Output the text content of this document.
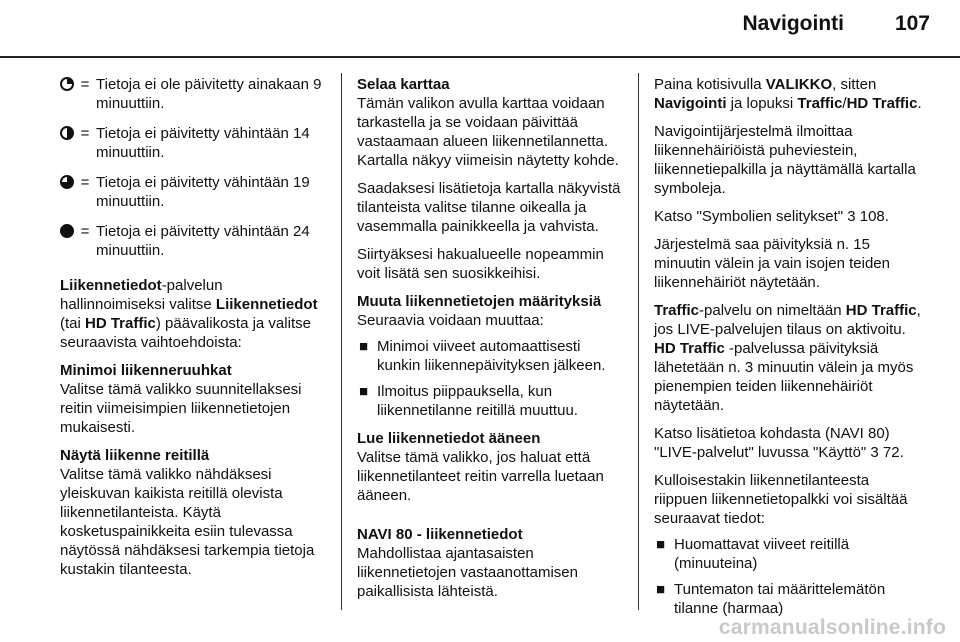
Navigointi 107
= Tietoja ei ole päivitetty ainakaan 9 minuuttiin.
= Tietoja ei päivitetty vähintään 14 minuuttiin.
= Tietoja ei päivitetty vähintään 19 minuuttiin.
= Tietoja ei päivitetty vähintään 24 minuuttiin.

Liikennetiedot-palvelun hallinnoimiseksi valitse Liikennetiedot (tai HD Traffic) päävalikosta ja valitse seuraavista vaihtoehdoista:

Minimoi liikenneruuhkat

Valitse tämä valikko suunnitellaksesi reitin viimeisimpien liikennetietojen mukaisesti.

Näytä liikenne reitillä

Valitse tämä valikko nähdäksesi yleiskuvan kaikista reitillä olevista liikennetilanteista. Käytä kosketuspainikkeita esiin tulevassa näytössä nähdäksesi tarkempia tietoja kustakin tilanteesta.

Selaa karttaa

Tämän valikon avulla karttaa voidaan tarkastella ja se voidaan päivittää vastaamaan alueen liikennetilannetta. Kartalla näkyy viimeisin näytetty kohde.

Saadaksesi lisätietoja kartalla näkyvistä tilanteista valitse tilanne oikealla ja vasemmalla painikkeella ja vahvista.

Siirtyäksesi hakualueelle nopeammin voit lisätä sen suosikkeihisi.

Muuta liikennetietojen määrityksiä

Seuraavia voidaan muuttaa:

■ Minimoi viiveet automaattisesti kunkin liikennepäivityksen jälkeen.
■ Ilmoitus piippauksella, kun liikennetilanne reitillä muuttuu.
Lue liikennetiedot ääneen

Valitse tämä valikko, jos haluat että liikennetilanteet reitin varrella luetaan ääneen.

NAVI 80 - liikennetiedot

Mahdollistaa ajantasaisten liikennetietojen vastaanottamisen paikallisista lähteistä.

Paina kotisivulla VALIKKO, sitten Navigointi ja lopuksi Traffic/HD Traffic.

Navigointijärjestelmä ilmoittaa liikennehäiriöistä puheviestein, liikennetiepalkilla ja näyttämällä kartalla symboleja.

Katso "Symbolien selitykset" 3 108.

Järjestelmä saa päivityksiä n. 15 minuutin välein ja vain isojen teiden liikennehäiriöt näytetään.

Traffic-palvelu on nimeltään HD Traffic, jos LIVE-palvelujen tilaus on aktivoitu. HD Traffic -palvelussa päivityksiä lähetetään n. 3 minuutin välein ja myös pienempien teiden liikennehäiriöt näytetään.

Katso lisätietoa kohdasta (NAVI 80) "LIVE-palvelut" luvussa "Käyttö" 3 72.

Kulloisestakin liikennetilanteesta riippuen liikennetietopalkki voi sisältää seuraavat tiedot:

■ Huomattavat viiveet reitillä (minuuteina)
■ Tuntematon tai määrittelemätön tilanne (harmaa)
carmanualsonline.info
